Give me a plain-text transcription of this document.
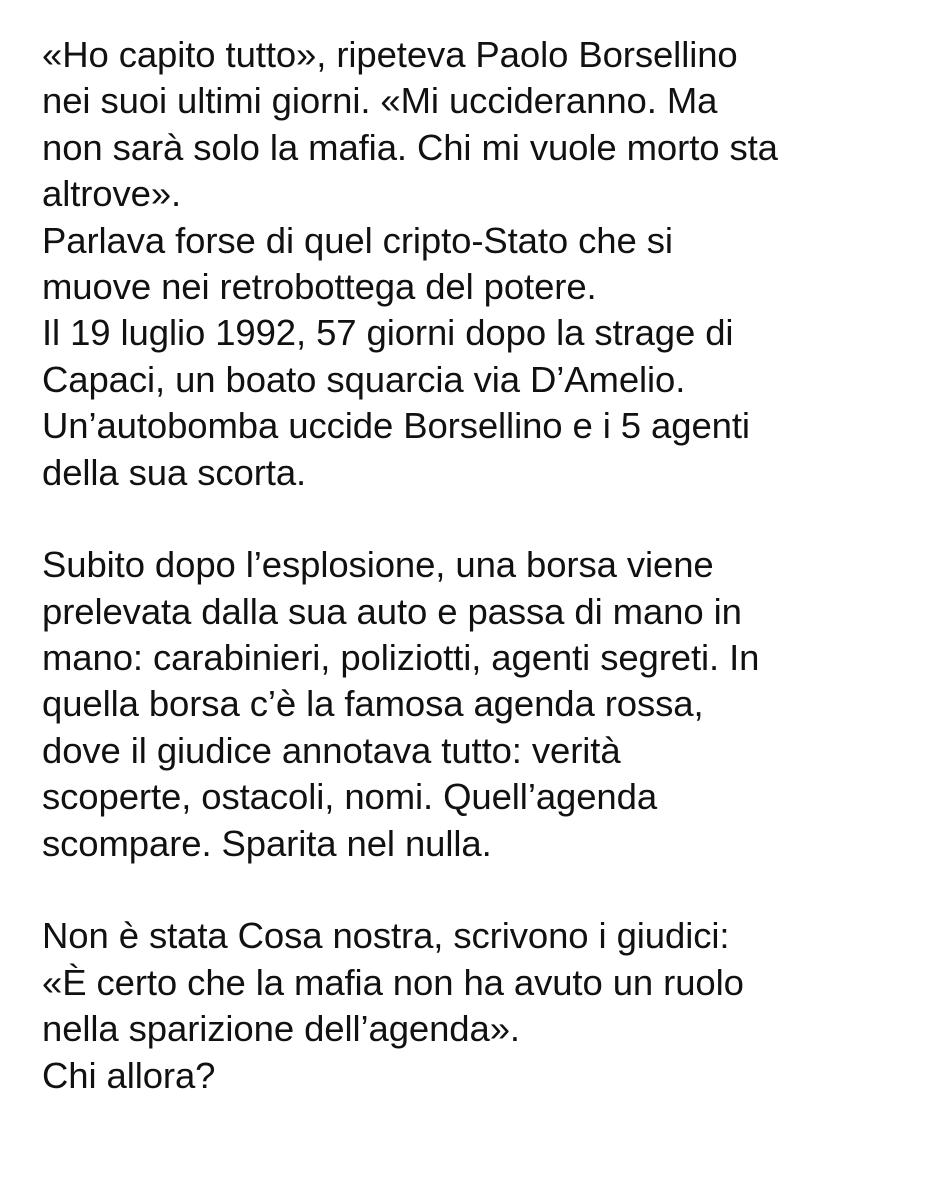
«Ho capito tutto», ripeteva Paolo Borsellino
nei suoi ultimi giorni. «Mi uccideranno. Ma
non sarà solo la mafia. Chi mi vuole morto sta
altrove».
Parlava forse di quel cripto-Stato che si
muove nei retrobottega del potere.
Il 19 luglio 1992, 57 giorni dopo la strage di
Capaci, un boato squarcia via D’Amelio.
Un’autobomba uccide Borsellino e i 5 agenti
della sua scorta.
Subito dopo l’esplosione, una borsa viene
prelevata dalla sua auto e passa di mano in
mano: carabinieri, poliziotti, agenti segreti. In
quella borsa c’è la famosa agenda rossa,
dove il giudice annotava tutto: verità
scoperte, ostacoli, nomi. Quell’agenda
scompare. Sparita nel nulla.
Non è stata Cosa nostra, scrivono i giudici:
«È certo che la mafia non ha avuto un ruolo
nella sparizione dell’agenda».
Chi allora?
